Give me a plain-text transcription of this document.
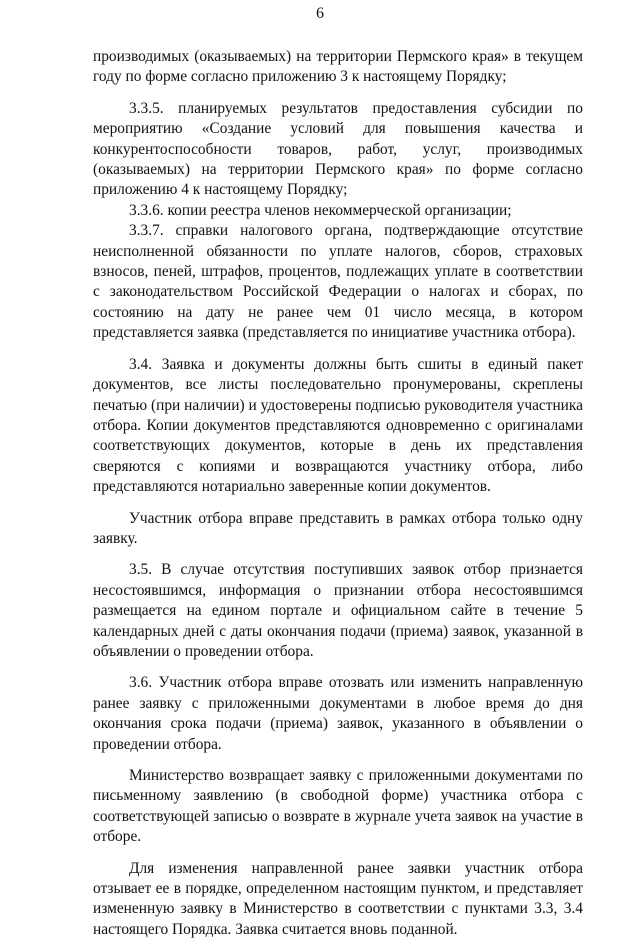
6

производимых (оказываемых) на территории Пермского края» в текущем году по форме согласно приложению 3 к настоящему Порядку;

3.3.5. планируемых результатов предоставления субсидии по мероприятию «Создание условий для повышения качества и конкурентоспособности товаров, работ, услуг, производимых (оказываемых) на территории Пермского края» по форме согласно приложению 4 к настоящему Порядку;

3.3.6. копии реестра членов некоммерческой организации;

3.3.7. справки налогового органа, подтверждающие отсутствие неисполненной обязанности по уплате налогов, сборов, страховых взносов, пеней, штрафов, процентов, подлежащих уплате в соответствии с законодательством Российской Федерации о налогах и сборах, по состоянию на дату не ранее чем 01 число месяца, в котором представляется заявка (представляется по инициативе участника отбора).

3.4. Заявка и документы должны быть сшиты в единый пакет документов, все листы последовательно пронумерованы, скреплены печатью (при наличии) и удостоверены подписью руководителя участника отбора. Копии документов представляются одновременно с оригиналами соответствующих документов, которые в день их представления сверяются с копиями и возвращаются участнику отбора, либо представляются нотариально заверенные копии документов.

Участник отбора вправе представить в рамках отбора только одну заявку.

3.5. В случае отсутствия поступивших заявок отбор признается несостоявшимся, информация о признании отбора несостоявшимся размещается на едином портале и официальном сайте в течение 5 календарных дней с даты окончания подачи (приема) заявок, указанной в объявлении о проведении отбора.

3.6. Участник отбора вправе отозвать или изменить направленную ранее заявку с приложенными документами в любое время до дня окончания срока подачи (приема) заявок, указанного в объявлении о проведении отбора.

Министерство возвращает заявку с приложенными документами по письменному заявлению (в свободной форме) участника отбора с соответствующей записью о возврате в журнале учета заявок на участие в отборе.

Для изменения направленной ранее заявки участник отбора отзывает ее в порядке, определенном настоящим пунктом, и представляет измененную заявку в Министерство в соответствии с пунктами 3.3, 3.4 настоящего Порядка. Заявка считается вновь поданной.
